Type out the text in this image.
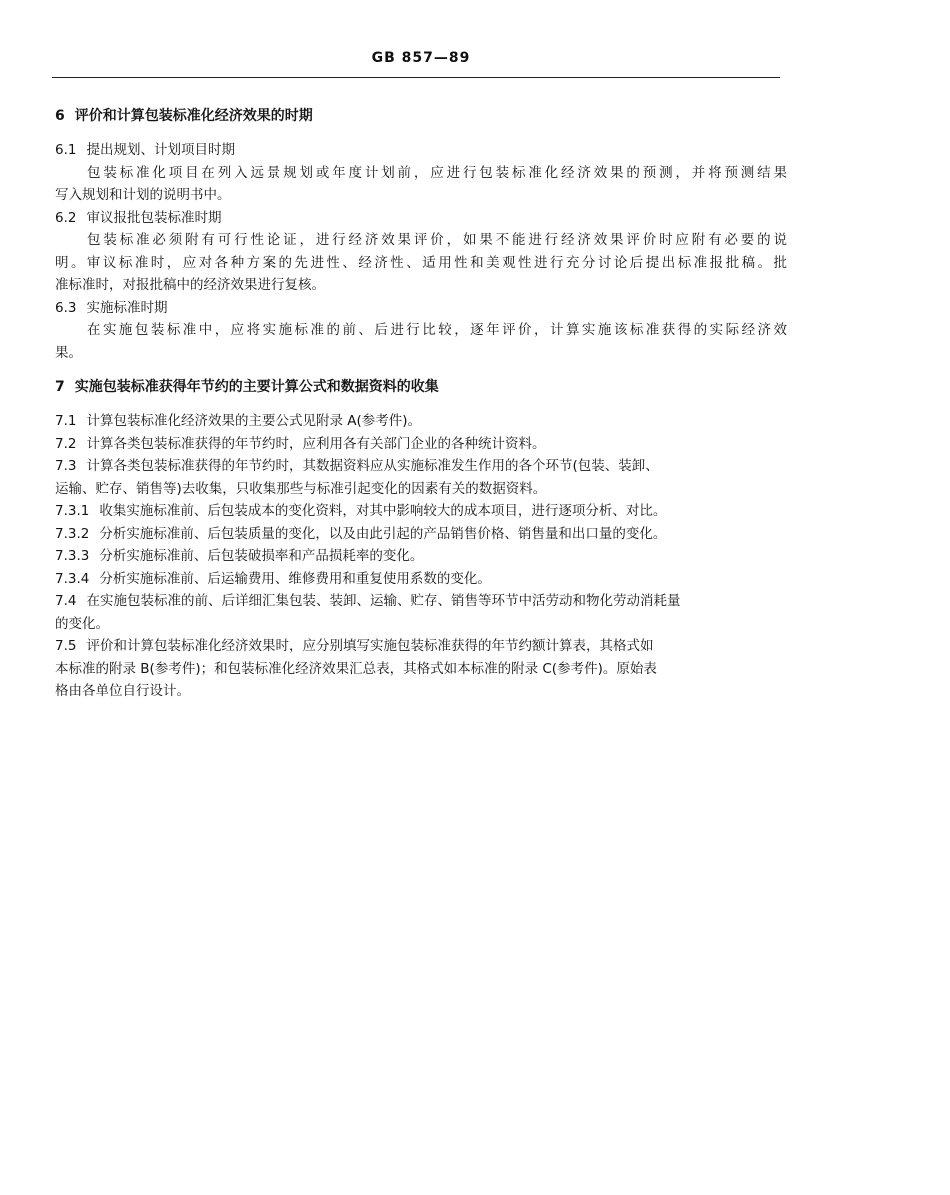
GB 857—89

6 评价和计算包装标准化经济效果的时期

6.1 提出规划、计划项目时期

包装标准化项目在列入远景规划或年度计划前，应进行包装标准化经济效果的预测，并将预测结果

写入规划和计划的说明书中。

6.2 审议报批包装标准时期

包装标准必须附有可行性论证，进行经济效果评价，如果不能进行经济效果评价时应附有必要的说

明。审议标准时，应对各种方案的先进性、经济性、适用性和美观性进行充分讨论后提出标准报批稿。批

准标准时，对报批稿中的经济效果进行复核。

6.3 实施标准时期

在实施包装标准中，应将实施标准的前、后进行比较，逐年评价，计算实施该标准获得的实际经济效

果。

7 实施包装标准获得年节约的主要计算公式和数据资料的收集

7.1 计算包装标准化经济效果的主要公式见附录 A(参考件)。

7.2 计算各类包装标准获得的年节约时，应利用各有关部门企业的各种统计资料。

7.3 计算各类包装标准获得的年节约时，其数据资料应从实施标准发生作用的各个环节(包装、装卸、

运输、贮存、销售等)去收集，只收集那些与标准引起变化的因素有关的数据资料。

7.3.1 收集实施标准前、后包装成本的变化资料，对其中影响较大的成本项目，进行逐项分析、对比。

7.3.2 分析实施标准前、后包装质量的变化，以及由此引起的产品销售价格、销售量和出口量的变化。

7.3.3 分析实施标准前、后包装破损率和产品损耗率的变化。

7.3.4 分析实施标准前、后运输费用、维修费用和重复使用系数的变化。

7.4 在实施包装标准的前、后详细汇集包装、装卸、运输、贮存、销售等环节中活劳动和物化劳动消耗量

的变化。

7.5 评价和计算包装标准化经济效果时，应分别填写实施包装标准获得的年节约额计算表，其格式如

本标准的附录 B(参考件)；和包装标准化经济效果汇总表，其格式如本标准的附录 C(参考件)。原始表

格由各单位自行设计。
